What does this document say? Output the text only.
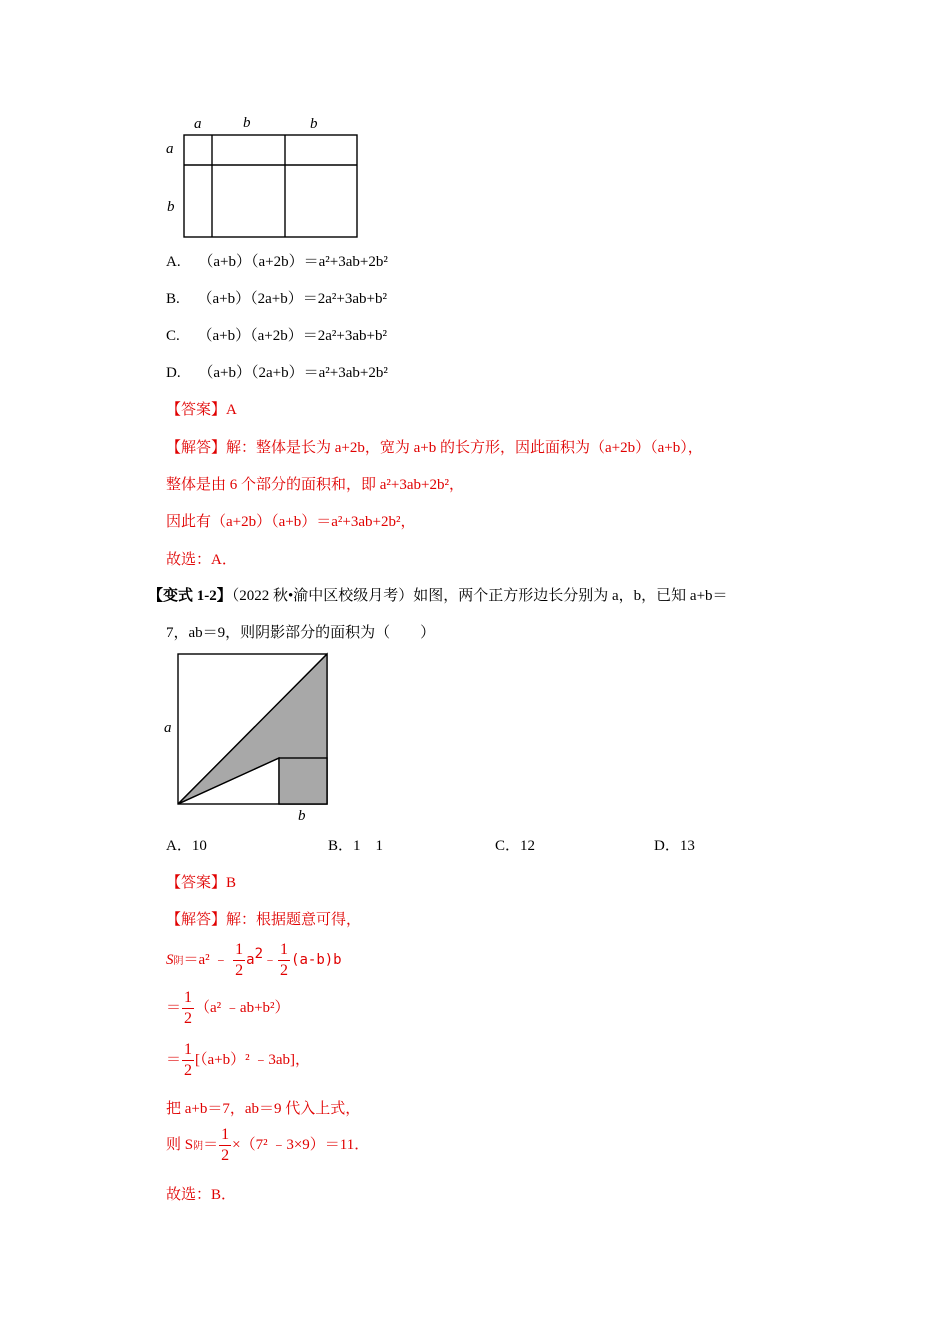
a	b	b
a
b
A. （a+b）（a+2b）＝a²+3ab+2b²
B. （a+b）（2a+b）＝2a²+3ab+b²
C. （a+b）（a+2b）＝2a²+3ab+b²
D. （a+b）（2a+b）＝a²+3ab+2b²
【答案】A
【解答】解：整体是长为 a+2b，宽为 a+b 的长方形，因此面积为（a+2b）（a+b），
整体是由 6 个部分的面积和，即 a²+3ab+2b²，
因此有（a+2b）（a+b）＝a²+3ab+2b²，
故选：A．
【变式 1-2】（2022 秋•渝中区校级月考）如图，两个正方形边长分别为 a，b，已知 a+b＝
7，ab＝9，则阴影部分的面积为（　　）
a
b
A．10	B．1　1	C．12	D．13
【答案】B
【解答】解：根据题意可得，
S阴＝a² ﹣ $\frac{1}{2}$ $a^2﹣ \frac{1}{2} (a-b)b$
＝ $\frac{1}{2} (a^2$ ﹣ab+b²）
＝ $\frac{1}{2} [(a+b)^2$ ﹣3ab]，
把 a+b＝7，ab＝9 代入上式，
则 S阴＝ $\frac{1}{2} \times(7^2$ ﹣3×9）＝11．
故选：B．
